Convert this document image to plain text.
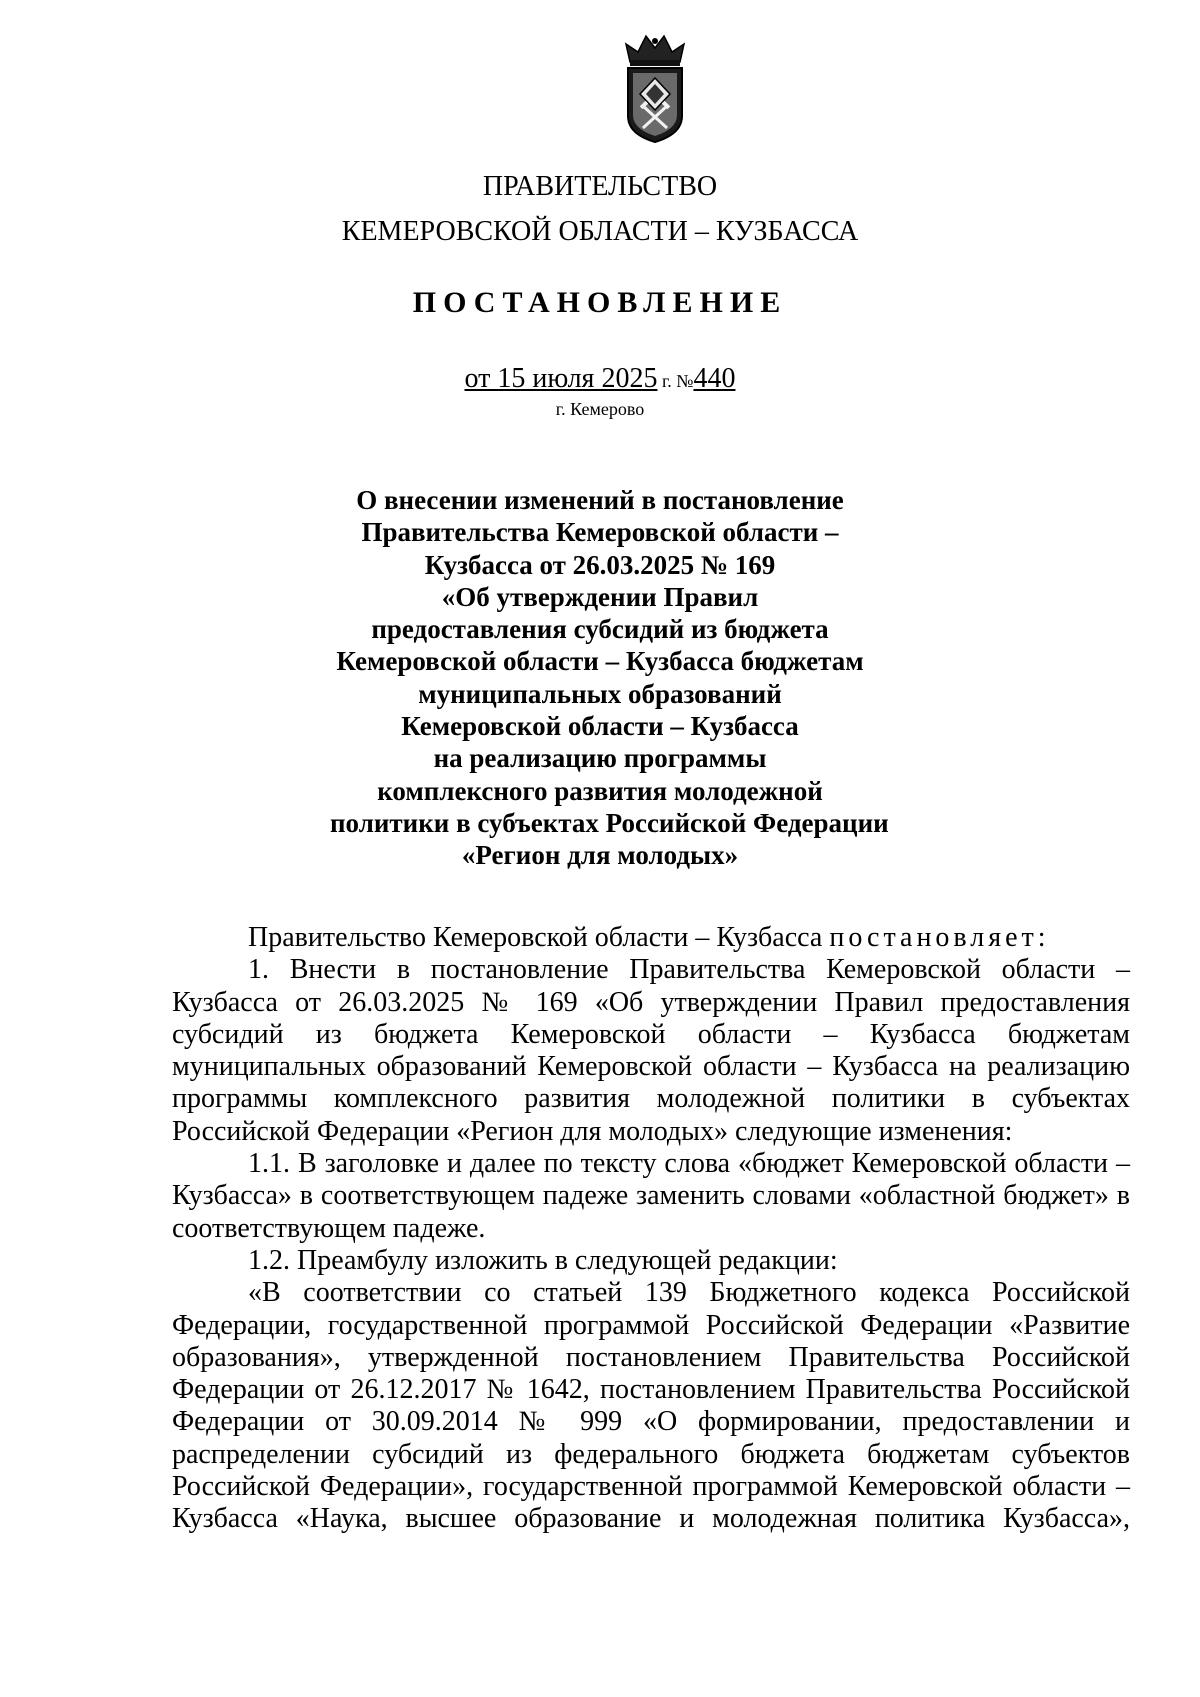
ПРАВИТЕЛЬСТВО
КЕМЕРОВСКОЙ ОБЛАСТИ – КУЗБАССА
ПОСТАНОВЛЕНИЕ
от 15 июля 2025 г. №440
г. Кемерово
О внесении изменений в постановление
Правительства Кемеровской области –
Кузбасса от 26.03.2025 № 169
«Об утверждении Правил
предоставления субсидий из бюджета
Кемеровской области – Кузбасса бюджетам
муниципальных образований
Кемеровской области – Кузбасса
на реализацию программы
комплексного развития молодежной
политики в субъектах Российской Федерации
«Регион для молодых»

Правительство Кемеровской области – Кузбасса постановляет:

1. Внести в постановление Правительства Кемеровской области – Кузбасса от 26.03.2025 № 169 «Об утверждении Правил предоставления субсидий из бюджета Кемеровской области – Кузбасса бюджетам муниципальных образований Кемеровской области – Кузбасса на реализацию программы комплексного развития молодежной политики в субъектах Российской Федерации «Регион для молодых» следующие изменения:

1.1. В заголовке и далее по тексту слова «бюджет Кемеровской области – Кузбасса» в соответствующем падеже заменить словами «областной бюджет» в соответствующем падеже.

1.2. Преамбулу изложить в следующей редакции:

«В соответствии со статьей 139 Бюджетного кодекса Российской Федерации, государственной программой Российской Федерации «Развитие образования», утвержденной постановлением Правительства Российской Федерации от 26.12.2017 № 1642, постановлением Правительства Российской Федерации от 30.09.2014 № 999 «О формировании, предоставлении и распределении субсидий из федерального бюджета бюджетам субъектов Российской Федерации», государственной программой Кемеровской области – Кузбасса «Наука, высшее образование и молодежная политика Кузбасса»,
